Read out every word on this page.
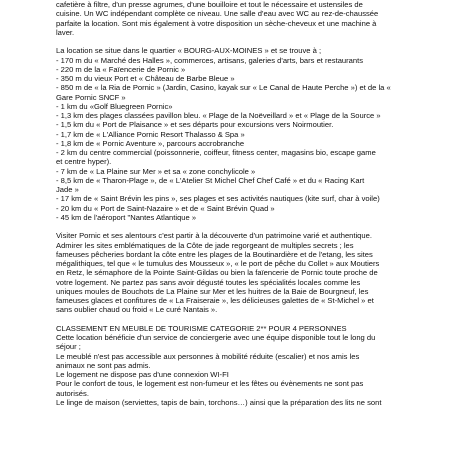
cafetière à filtre, d'un presse agrumes, d'une bouilloire et tout le nécessaire et ustensiles de
cuisine. Un WC indépendant complète ce niveau. Une salle d'eau avec WC au rez-de-chaussée
parfaite la location. Sont mis également à votre disposition un sèche-cheveux et une machine à
laver.
La location se situe dans le quartier « BOURG-AUX-MOINES » et se trouve à ;
- 170 m du « Marché des Halles », commerces, artisans, galeries d'arts, bars et restaurants
- 220 m de la « Faïencerie de Pornic »
- 350 m du vieux Port et « Château de Barbe Bleue »
- 850 m de « la Ria de Pornic » (Jardin, Casino, kayak sur « Le Canal de Haute Perche ») et de la «
Gare Pornic SNCF »
- 1 km du «Golf Bluegreen Pornic»
- 1,3 km des plages classées pavillon bleu. « Plage de la Noëveillard » et « Plage de la Source »
- 1,5 km du « Port de Plaisance » et ses départs pour excursions vers Noirmoutier.
- 1,7 km de « L'Alliance Pornic Resort Thalasso & Spa »
- 1,8 km de « Pornic Aventure », parcours accrobranche
- 2 km du centre commercial (poissonnerie, coiffeur, fitness center, magasins bio, escape game
et centre hyper).
- 7 km de « La Plaine sur Mer » et sa « zone conchylicole »
- 8,5 km de « Tharon-Plage », de « L'Atelier St Michel Chef Chef Café » et du « Racing Kart
Jade »
- 17 km de « Saint Brévin les pins », ses plages et ses activités nautiques (kite surf, char à voile)
- 20 km du « Port de Saint-Nazaire » et de « Saint Brévin Quad »
- 45 km de l'aéroport "Nantes Atlantique »
Visiter Pornic et ses alentours c'est partir à la découverte d'un patrimoine varié et authentique.
Admirer les sites emblématiques de la Côte de jade regorgeant de multiples secrets ; les
fameuses pêcheries bordant la côte entre les plages de la Boutinardière et de l'etang, les sites
mégalithiques, tel que « le tumulus des Mousseux », « le port de pêche du Collet » aux Moutiers
en Retz, le sémaphore de la Pointe Saint-Gildas ou bien la faïencerie de Pornic toute proche de
votre logement. Ne partez pas sans avoir dégusté toutes les spécialités locales comme les
uniques moules de Bouchots de La Plaine sur Mer et les huitres de la Baie de Bourgneuf, les
fameuses glaces et confitures de « La Fraiseraie », les délicieuses galettes de « St-Michel » et
sans oublier chaud ou froid « Le curé Nantais ».
CLASSEMENT EN MEUBLE DE TOURISME CATEGORIE 2** POUR 4 PERSONNES
Cette location bénéficie d'un service de conciergerie avec une équipe disponible tout le long du
séjour ;
Le meublé n'est pas accessible aux personnes à mobilité réduite (escalier) et nos amis les
animaux ne sont pas admis.
Le logement ne dispose pas d'une connexion WI-FI
Pour le confort de tous, le logement est non-fumeur et les fêtes ou évènements ne sont pas
autorisés.
Le linge de maison (serviettes, tapis de bain, torchons…) ainsi que la préparation des lits ne sont
